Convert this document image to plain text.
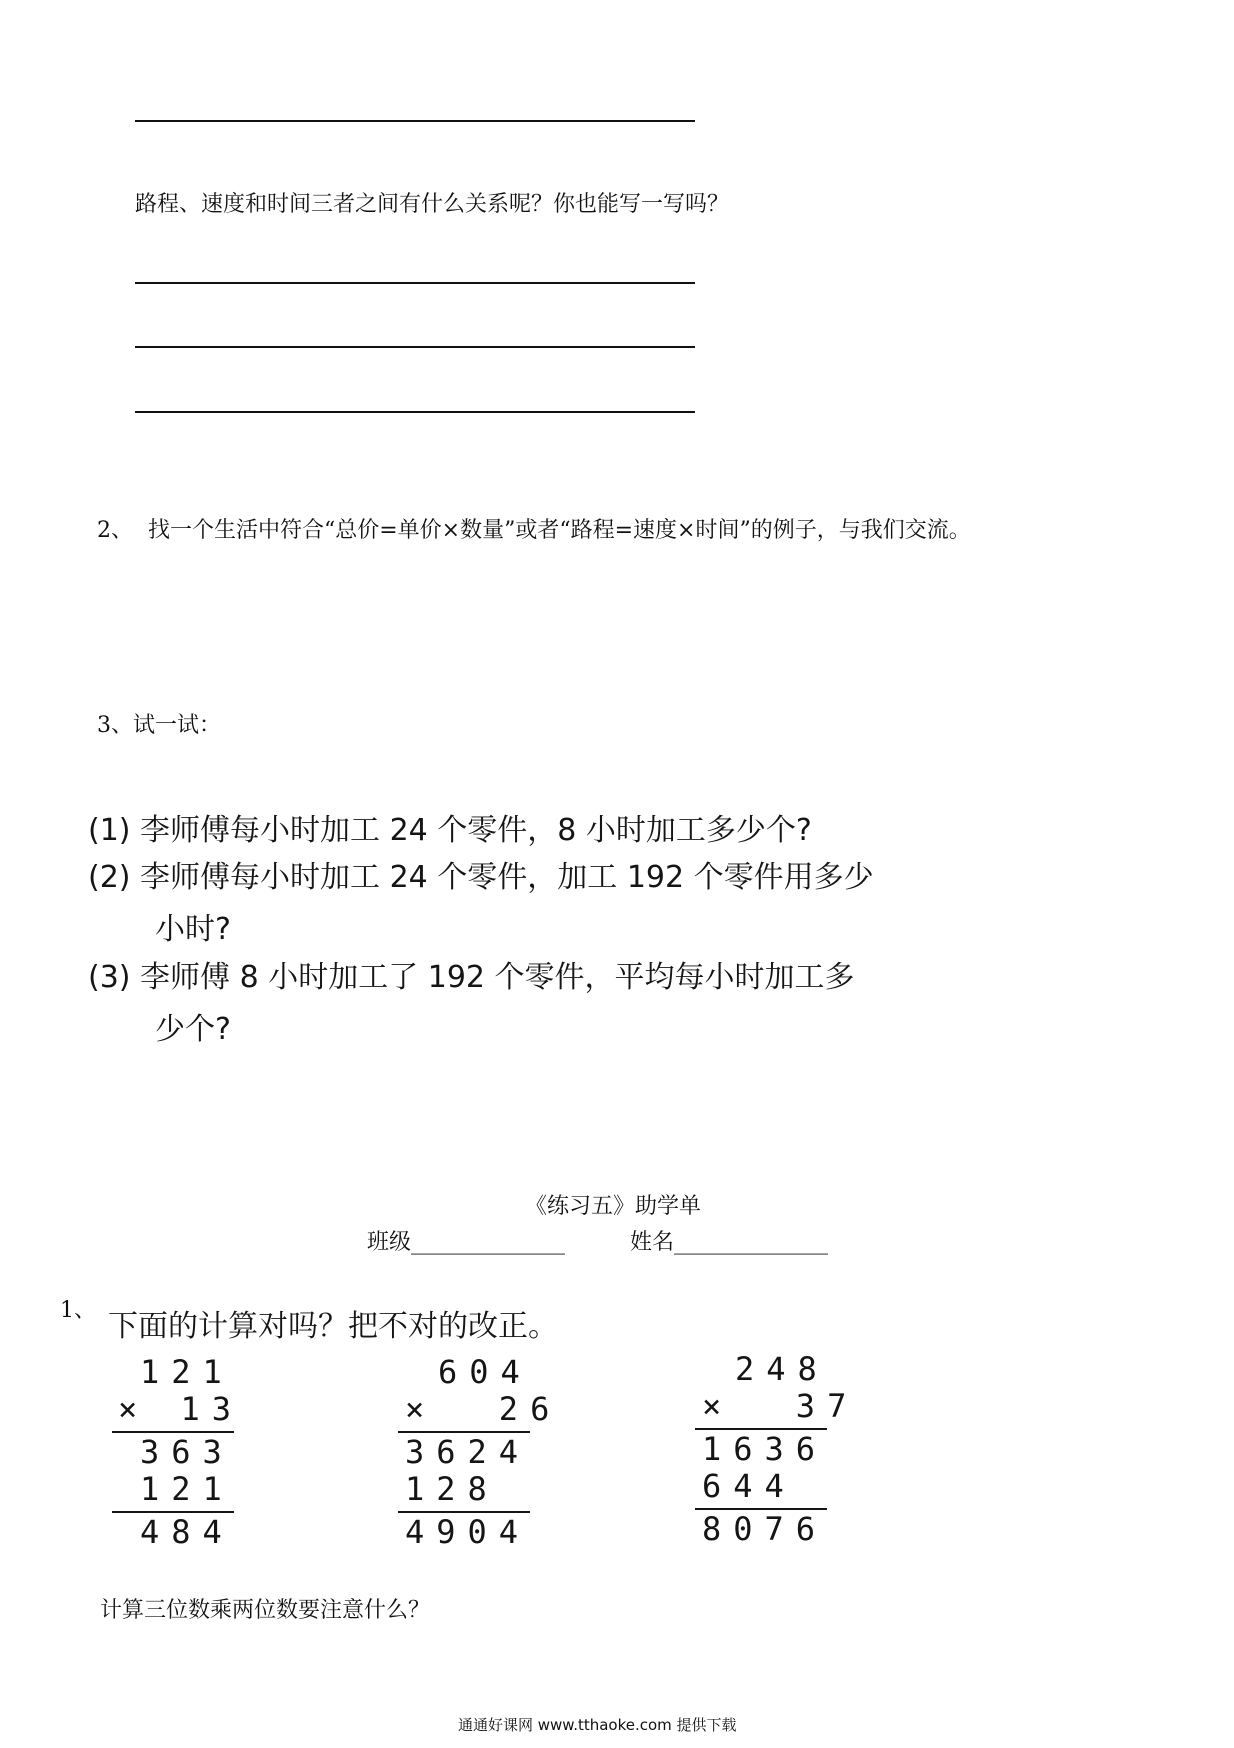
路程、速度和时间三者之间有什么关系呢？你也能写一写吗？
2、 找一个生活中符合“总价=单价×数量”或者“路程=速度×时间”的例子，与我们交流。
3、试一试：
(1) 李师傅每小时加工 24 个零件，8 小时加工多少个?
(2) 李师傅每小时加工 24 个零件，加工 192 个零件用多少
小时?
(3) 李师傅 8 小时加工了 192 个零件，平均每小时加工多
少个?
《练习五》助学单
班级______________	姓名______________
1、 下面的计算对吗？把不对的改正。
121
× 13
363
121
484
604
×  26
3624
128
4904
248
×  37
1636
644
8076
计算三位数乘两位数要注意什么？
通通好课网 www.tthaoke.com 提供下载
